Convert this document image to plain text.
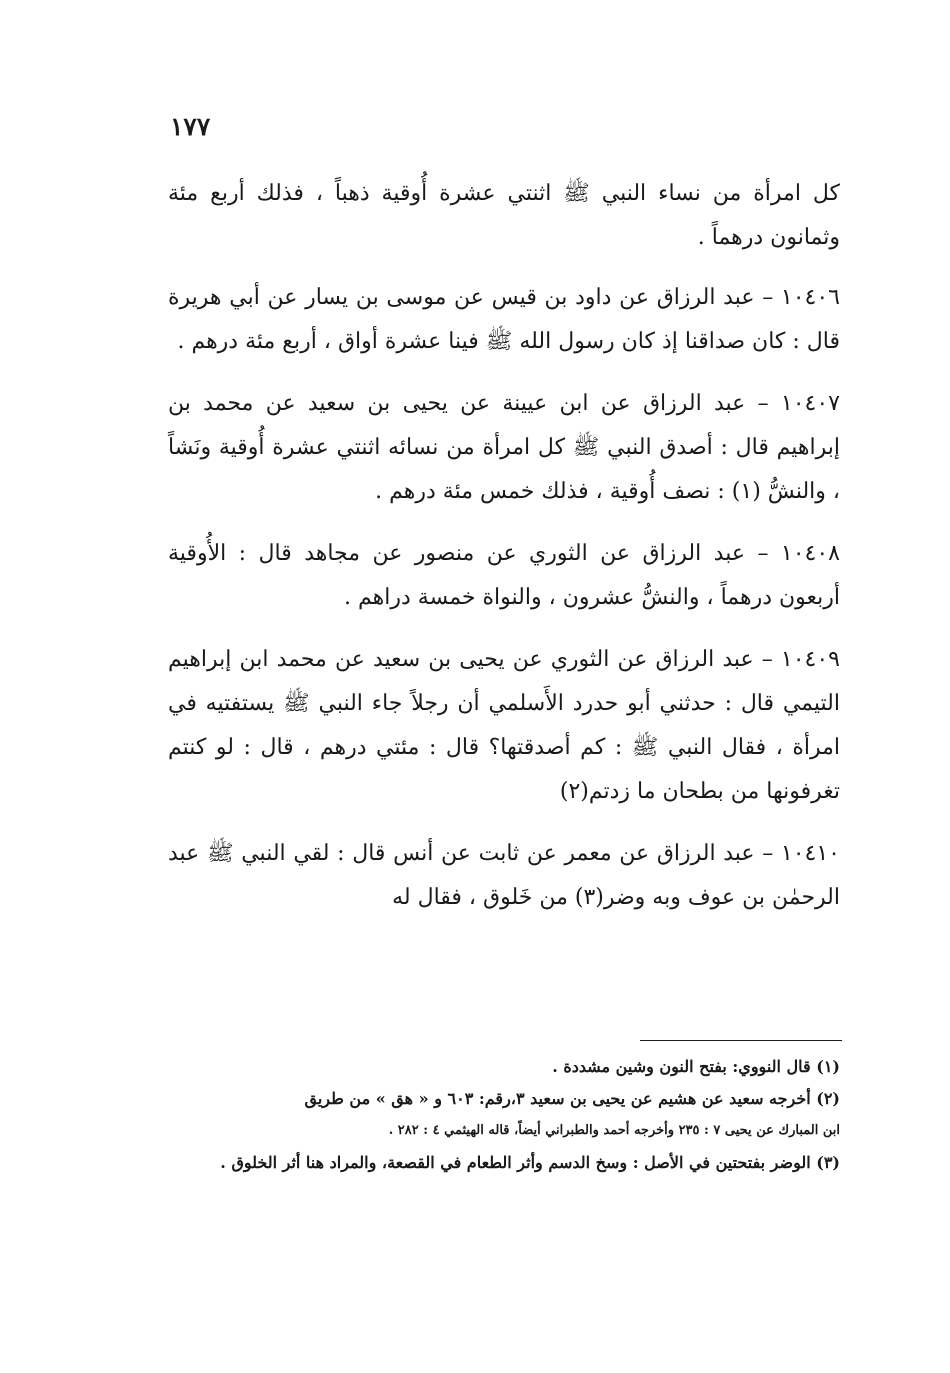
١٧٧

كل امرأة من نساء النبي ﷺ اثنتي عشرة أُوقية ذهباً ، فذلك أربع مئة وثمانون درهماً .

١٠٤٠٦ – عبد الرزاق عن داود بن قيس عن موسى بن يسار عن أبي هريرة قال : كان صداقنا إذ كان رسول الله ﷺ فينا عشرة أواق ، أربع مئة درهم .

١٠٤٠٧ – عبد الرزاق عن ابن عيينة عن يحيى بن سعيد عن محمد بن إبراهيم قال : أصدق النبي ﷺ كل امرأة من نسائه اثنتي عشرة أُوقية ونَشاً ، والنشُّ (١) : نصف أُوقية ، فذلك خمس مئة درهم .

١٠٤٠٨ – عبد الرزاق عن الثوري عن منصور عن مجاهد قال : الأُوقية أربعون درهماً ، والنشُّ عشرون ، والنواة خمسة دراهم .

١٠٤٠٩ – عبد الرزاق عن الثوري عن يحيى بن سعيد عن محمد ابن إبراهيم التيمي قال : حدثني أبو حدرد الأَسلمي أن رجلاً جاء النبي ﷺ يستفتيه في امرأة ، فقال النبي ﷺ : كم أصدقتها؟ قال : مئتي درهم ، قال : لو كنتم تغرفونها من بطحان ما زدتم(٢)

١٠٤١٠ – عبد الرزاق عن معمر عن ثابت عن أنس قال : لقي النبي ﷺ عبد الرحمٰن بن عوف وبه وضر(٣) من خَلوق ، فقال له

(١) قال النووي: بفتح النون وشين مشددة .

(٢) أخرجه سعيد عن هشيم عن يحيى بن سعيد ٣،رقم: ٦٠٣ و « هق » من طريق

ابن المبارك عن يحيى ٧ : ٢٣٥ وأخرجه أحمد والطبراني أيضاً، قاله الهيثمي ٤ : ٢٨٢ .

(٣) الوضر بفتحتين في الأصل : وسخ الدسم وأثر الطعام في القصعة، والمراد هنا أثر الخلوق .
